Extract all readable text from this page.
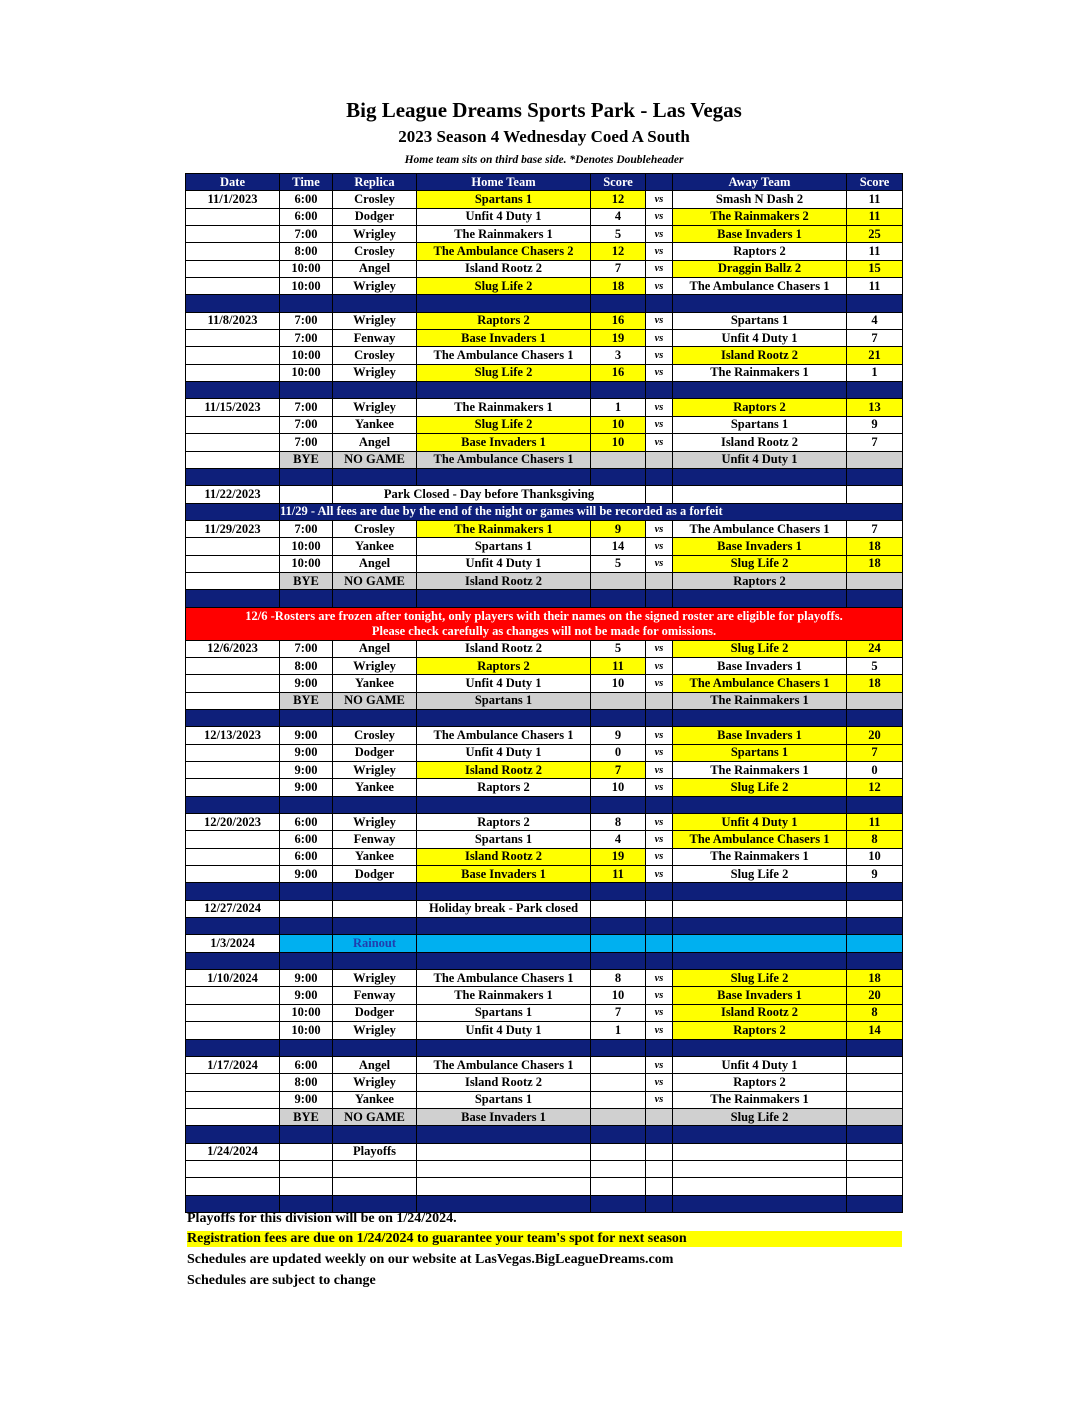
Big League Dreams Sports Park - Las Vegas
2023 Season 4 Wednesday Coed A South
Home team sits on third base side. *Denotes Doubleheader
Date	Time	Replica	Home Team	Score		Away Team	Score
11/1/2023	6:00	Crosley	Spartans 1	12	vs	Smash N Dash 2	11
	6:00	Dodger	Unfit 4 Duty 1	4	vs	The Rainmakers 2	11
	7:00	Wrigley	The Rainmakers 1	5	vs	Base Invaders 1	25
	8:00	Crosley	The Ambulance Chasers 2	12	vs	Raptors 2	11
	10:00	Angel	Island Rootz 2	7	vs	Draggin Ballz 2	15
	10:00	Wrigley	Slug Life 2	18	vs	The Ambulance Chasers 1	11

11/8/2023	7:00	Wrigley	Raptors 2	16	vs	Spartans 1	4
	7:00	Fenway	Base Invaders 1	19	vs	Unfit 4 Duty 1	7
	10:00	Crosley	The Ambulance Chasers 1	3	vs	Island Rootz 2	21
	10:00	Wrigley	Slug Life 2	16	vs	The Rainmakers 1	1

11/15/2023	7:00	Wrigley	The Rainmakers 1	1	vs	Raptors 2	13
	7:00	Yankee	Slug Life 2	10	vs	Spartans 1	9
	7:00	Angel	Base Invaders 1	10	vs	Island Rootz 2	7
	BYE	NO GAME	The Ambulance Chasers 1			Unfit 4 Duty 1	

11/22/2023		Park Closed - Day before Thanksgiving					
	11/29 - All fees are due by the end of the night or games will be recorded as a forfeit						
11/29/2023	7:00	Crosley	The Rainmakers 1	9	vs	The Ambulance Chasers 1	7
	10:00	Yankee	Spartans 1	14	vs	Base Invaders 1	18
	10:00	Angel	Unfit 4 Duty 1	5	vs	Slug Life 2	18
	BYE	NO GAME	Island Rootz 2			Raptors 2	

12/6 -Rosters are frozen after tonight, only players with their names on the signed roster are eligible for playoffs.
Please check carefully as changes will not be made for omissions.							

12/6/2023	7:00	Angel	Island Rootz 2	5	vs	Slug Life 2	24
	8:00	Wrigley	Raptors 2	11	vs	Base Invaders 1	5
	9:00	Yankee	Unfit 4 Duty 1	10	vs	The Ambulance Chasers 1	18
	BYE	NO GAME	Spartans 1			The Rainmakers 1	

12/13/2023	9:00	Crosley	The Ambulance Chasers 1	9	vs	Base Invaders 1	20
	9:00	Dodger	Unfit 4 Duty 1	0	vs	Spartans 1	7
	9:00	Wrigley	Island Rootz 2	7	vs	The Rainmakers 1	0
	9:00	Yankee	Raptors 2	10	vs	Slug Life 2	12

12/20/2023	6:00	Wrigley	Raptors 2	8	vs	Unfit 4 Duty 1	11
	6:00	Fenway	Spartans 1	4	vs	The Ambulance Chasers 1	8
	6:00	Yankee	Island Rootz 2	19	vs	The Rainmakers 1	10
	9:00	Dodger	Base Invaders 1	11	vs	Slug Life 2	9

12/27/2024			Holiday break - Park closed				

1/3/2024		Rainout					

1/10/2024	9:00	Wrigley	The Ambulance Chasers 1	8	vs	Slug Life 2	18
	9:00	Fenway	The Rainmakers 1	10	vs	Base Invaders 1	20
	10:00	Dodger	Spartans 1	7	vs	Island Rootz 2	8
	10:00	Wrigley	Unfit 4 Duty 1	1	vs	Raptors 2	14

1/17/2024	6:00	Angel	The Ambulance Chasers 1		vs	Unfit 4 Duty 1	
	8:00	Wrigley	Island Rootz 2		vs	Raptors 2	
	9:00	Yankee	Spartans 1		vs	The Rainmakers 1	
	BYE	NO GAME	Base Invaders 1			Slug Life 2	

1/24/2024		Playoffs					

Playoffs for this division will be on 1/24/2024.
Registration fees are due on 1/24/2024 to guarantee your team's spot for next season
Schedules are updated weekly on our website at LasVegas.BigLeagueDreams.com
Schedules are subject to change
